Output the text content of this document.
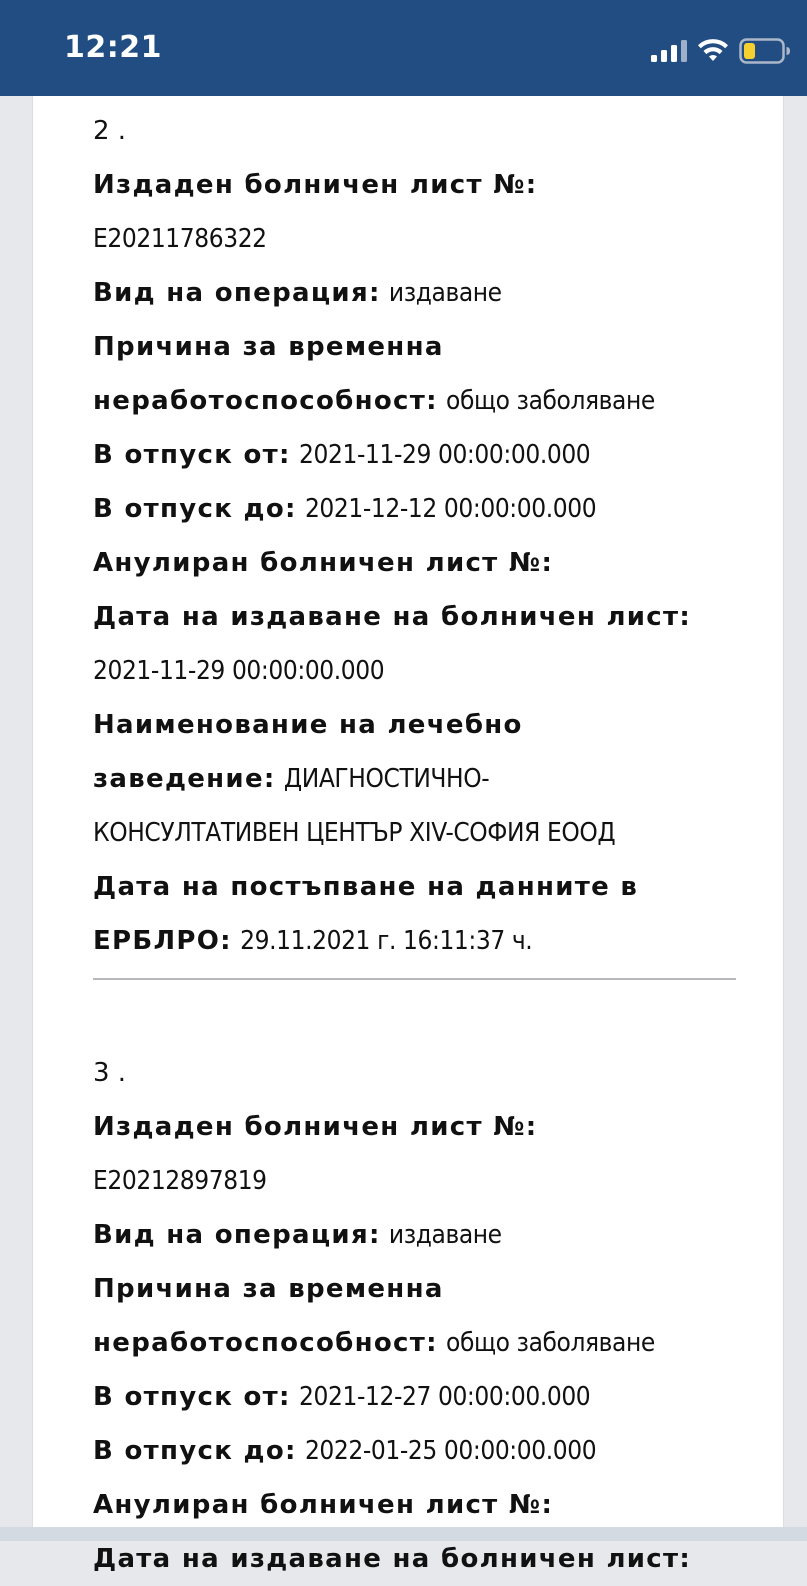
12:21
2 .
Издаден болничен лист №:
Е20211786322
Вид на операция: издаване
Причина за временна
неработоспособност: общо заболяване
В отпуск от: 2021-11-29 00:00:00.000
В отпуск до: 2021-12-12 00:00:00.000
Анулиран болничен лист №:
Дата на издаване на болничен лист:
2021-11-29 00:00:00.000
Наименование на лечебно
заведение: ДИАГНОСТИЧНО-
КОНСУЛТАТИВЕН ЦЕНТЪР XIV-СОФИЯ ЕООД
Дата на постъпване на данните в
ЕРБЛРО: 29.11.2021 г. 16:11:37 ч.
3 .
Издаден болничен лист №:
Е20212897819
Вид на операция: издаване
Причина за временна
неработоспособност: общо заболяване
В отпуск от: 2021-12-27 00:00:00.000
В отпуск до: 2022-01-25 00:00:00.000
Анулиран болничен лист №:
Дата на издаване на болничен лист:
